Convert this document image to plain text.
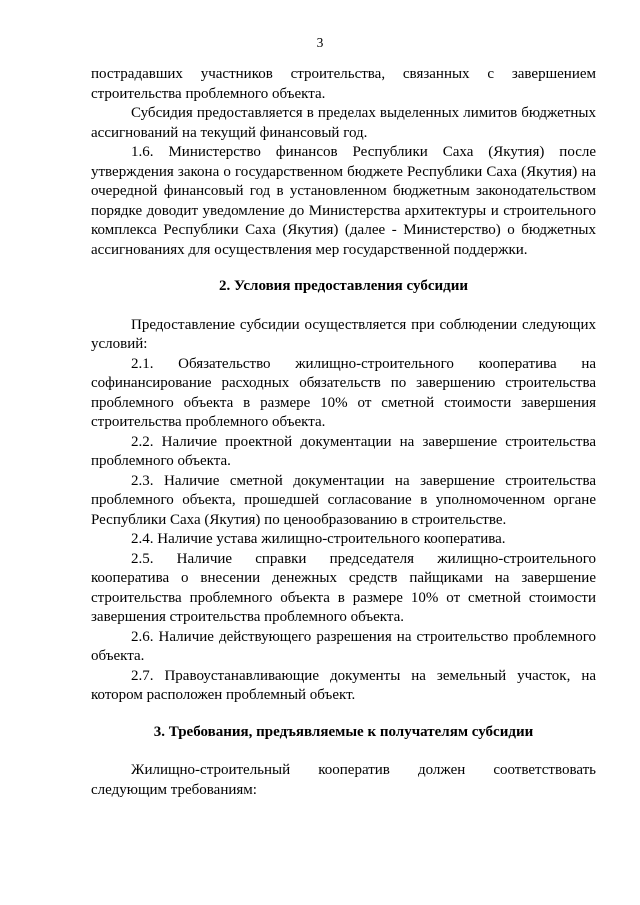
3

пострадавших участников строительства, связанных с завершением строительства проблемного объекта.

Субсидия предоставляется в пределах выделенных лимитов бюджетных ассигнований на текущий финансовый год.

1.6. Министерство финансов Республики Саха (Якутия) после утверждения закона о государственном бюджете Республики Саха (Якутия) на очередной финансовый год в установленном бюджетным законодательством порядке доводит уведомление до Министерства архитектуры и строительного комплекса Республики Саха (Якутия) (далее - Министерство) о бюджетных ассигнованиях для осуществления мер государственной поддержки.

2. Условия предоставления субсидии

Предоставление субсидии осуществляется при соблюдении следующих условий:

2.1. Обязательство жилищно-строительного кооператива на софинансирование расходных обязательств по завершению строительства проблемного объекта в размере 10% от сметной стоимости завершения строительства проблемного объекта.

2.2. Наличие проектной документации на завершение строительства проблемного объекта.

2.3. Наличие сметной документации на завершение строительства проблемного объекта, прошедшей согласование в уполномоченном органе Республики Саха (Якутия) по ценообразованию в строительстве.

2.4. Наличие устава жилищно-строительного кооператива.

2.5. Наличие справки председателя жилищно-строительного кооператива о внесении денежных средств пайщиками на завершение строительства проблемного объекта в размере 10% от сметной стоимости завершения строительства проблемного объекта.

2.6. Наличие действующего разрешения на строительство проблемного объекта.

2.7. Правоустанавливающие документы на земельный участок, на котором расположен проблемный объект.

3. Требования, предъявляемые к получателям субсидии

Жилищно-строительный кооператив должен соответствовать следующим требованиям:
